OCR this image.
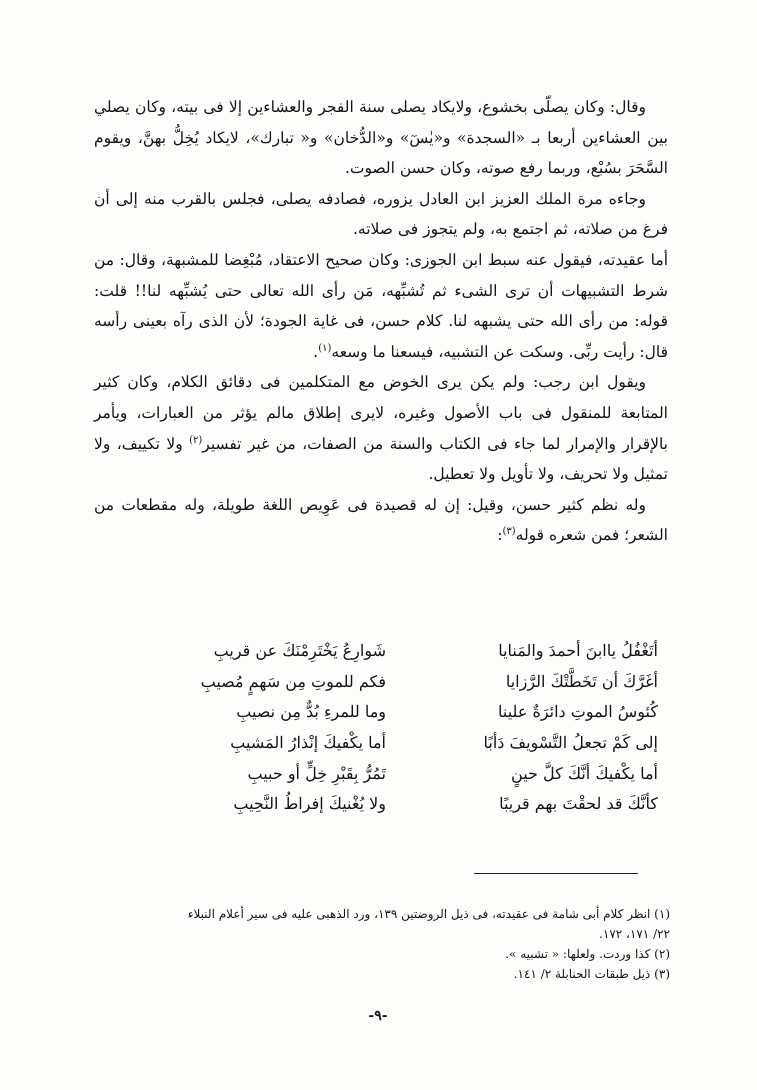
وقال: وكان يصلّى بخشوع، ولايكاد يصلى سنة الفجر والعشاءين إلا فى بيته، وكان يصلي بين العشاءين أربعا بـ «السجدة» و«يٰسٓ» و«الدُّخان» و« تبارك»، لايكاد يُخِلُّ بهنَّ، ويقوم السَّحَرَ بسُبْع، وربما رفع صوته، وكان حسن الصوت.

وجاءه مرة الملك العزيز ابن العادل يزوره، فصادفه يصلى، فجلس بالقرب منه إلى أن فرغ من صلاته، ثم اجتمع به، ولم يتجوز فى صلاته.

أما عقيدته، فيقول عنه سبط ابن الجوزى: وكان صحيح الاعتقاد، مُبْغِضا للمشبهة، وقال: من شرط التشبيهات أن ترى الشىء ثم تُشبِّهه، مَن رأى الله تعالى حتى يُشبِّهه لنا!! قلت: قوله: من رأى الله حتى يشبهه لنا. كلام حسن، فى غاية الجودة؛ لأن الذى رآه بعينى رأسه قال: رأيت ربِّى. وسكت عن التشبيه، فيسعنا ما وسعه$^{(١)}$.

ويقول ابن رجب: ولم يكن يرى الخوض مع المتكلمين فى دقائق الكلام، وكان كثير المتابعة للمنقول فى باب الأصول وغيره، لايرى إطلاق مالم يؤثر من العبارات، ويأمر بالإقرار والإمرار لما جاء فى الكتاب والسنة من الصفات، من غير تفسير$^{(٢)}$ ولا تكييف، ولا تمثيل ولا تحريف، ولا تأويل ولا تعطيل.

وله نظم كثير حسن، وقيل: إن له قصيدة فى عَوِيص اللغة طويلة، وله مقطعات من الشعر؛ فمن شعره قوله$^{(٣)}$:

أتَغْفُلُ ياابنَ أحمدَ والمَنايا
شَوارِعُ يَخْتَرِمْنَكَ عن قريبِ
أغَرَّكَ أن تَخَطَّتْكَ الرَّزايا
فكم للموتِ مِن سَهمٍ مُصيبِ
كُئوسُ الموتِ دائرَةٌ علينا
وما للمرءِ بُدٌّ مِن نصيبِ
إلى كَمْ تجعلُ التَّسْويفَ دَأبًا
أما يكْفيكَ إنْذارُ المَشيبِ
أما يكْفيكَ أنَّكَ كلَّ حينٍ
تَمُرُّ بِقَبْرِ خِلٍّ أو حبيبِ
كأنَّكَ قد لحقْتَ بهم قريبًا
ولا يُغْنيكَ إفراطُ النَّحِيبِ

(١) انظر كلام أبى شامة فى عقيدته، فى ذيل الروضتين ١٣٩، ورد الذهبى عليه فى سير أعلام النبلاء

٢٢/ ١٧١، ١٧٢.

(٢) كذا وردت. ولعلها: « تشبيه ».

(٣) ذيل طبقات الحنابلة ٢/ ١٤١.

-٩-
